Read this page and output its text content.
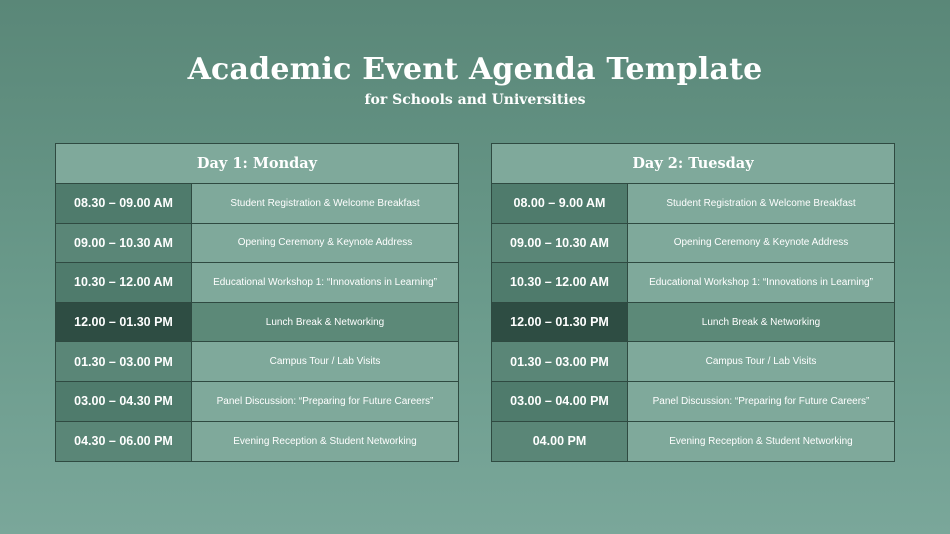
Academic Event Agenda Template
for Schools and Universities
Day 1: Monday
08.30 – 09.00 AM	Student Registration & Welcome Breakfast
09.00 – 10.30 AM	Opening Ceremony & Keynote Address
10.30 – 12.00 AM	Educational Workshop 1: “Innovations in Learning”
12.00 – 01.30 PM	Lunch Break & Networking
01.30 – 03.00 PM	Campus Tour / Lab Visits
03.00 – 04.30 PM	Panel Discussion: “Preparing for Future Careers”
04.30 – 06.00 PM	Evening Reception & Student Networking
Day 2: Tuesday
08.00 – 9.00 AM	Student Registration & Welcome Breakfast
09.00 – 10.30 AM	Opening Ceremony & Keynote Address
10.30 – 12.00 AM	Educational Workshop 1: “Innovations in Learning”
12.00 – 01.30 PM	Lunch Break & Networking
01.30 – 03.00 PM	Campus Tour / Lab Visits
03.00 – 04.00 PM	Panel Discussion: “Preparing for Future Careers”
04.00 PM	Evening Reception & Student Networking
